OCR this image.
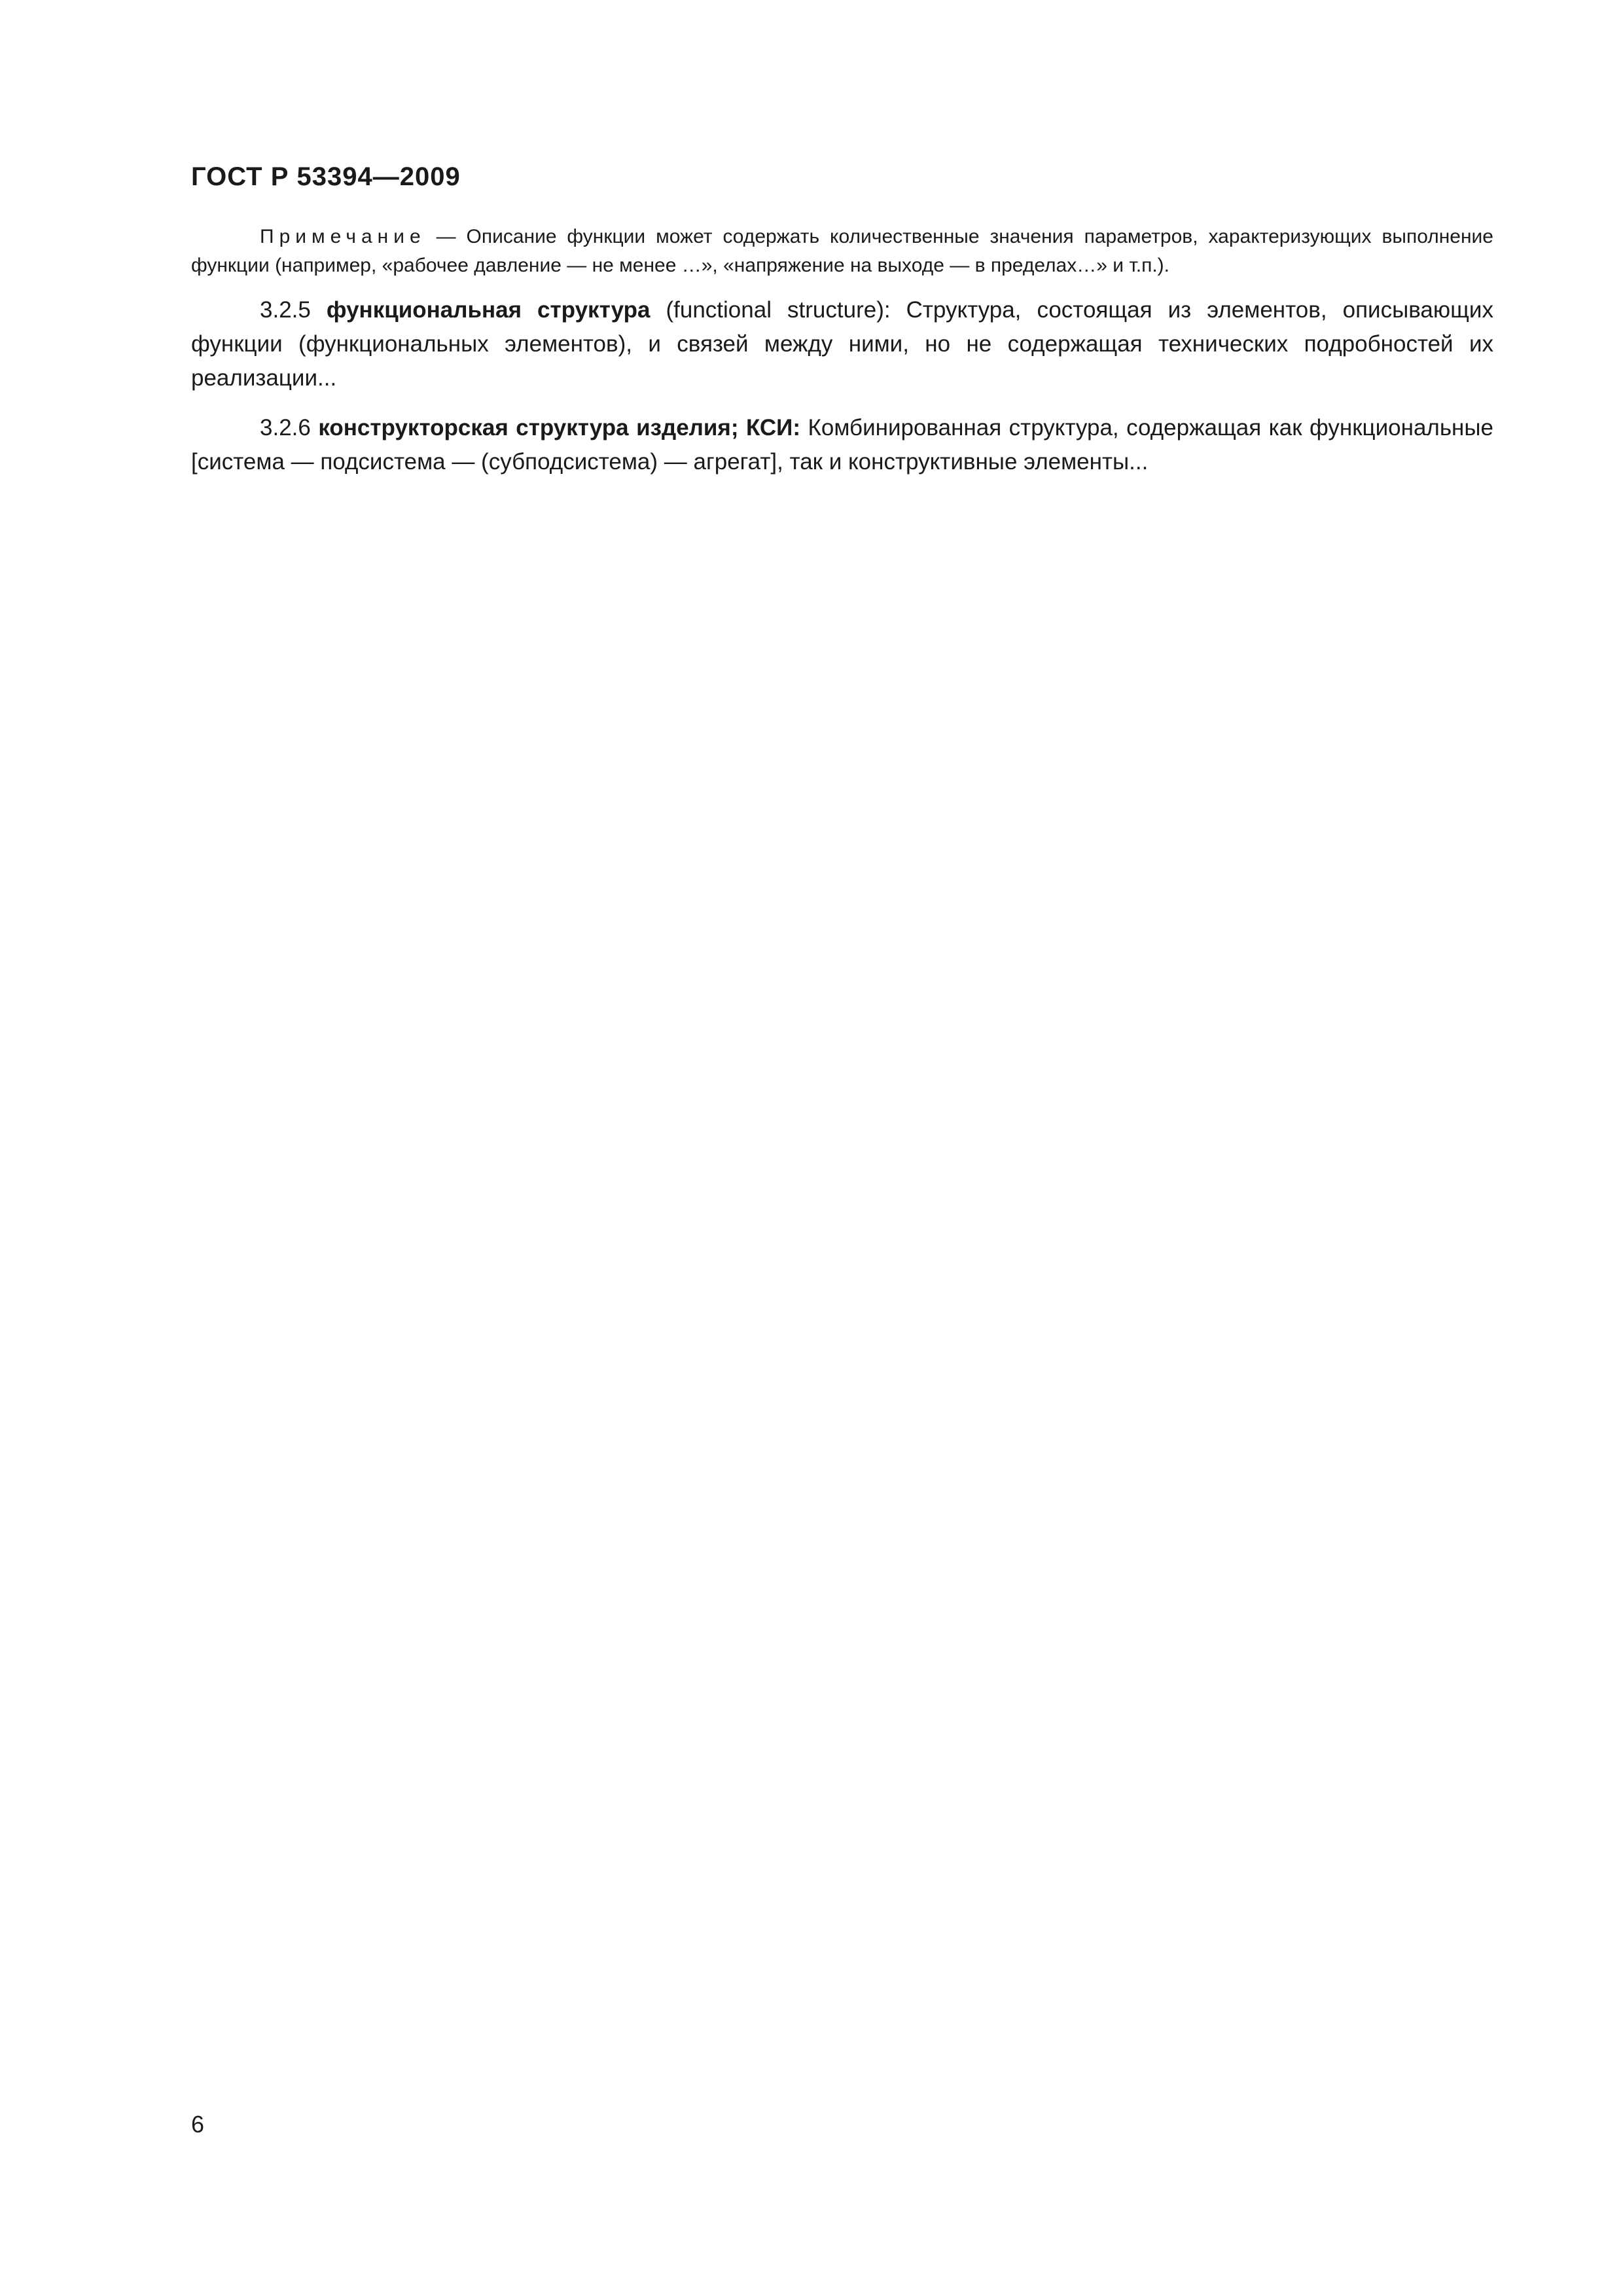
ГОСТ Р 53394—2009

Примечание — Описание функции может содержать количественные значения параметров, характеризующих выполнение функции (например, «рабочее давление — не менее …», «напряжение на выходе — в пределах…» и т.п.).

3.2.5 функциональная структура (functional structure): Структура, состоящая из элементов, описывающих функции (функциональных элементов), и связей между ними, но не содержащая технических подробностей их реализации...

3.2.6 конструкторская структура изделия; КСИ: Комбинированная структура, содержащая как функциональные [система — подсистема — (субподсистема) — агрегат], так и конструктивные элементы...

6
